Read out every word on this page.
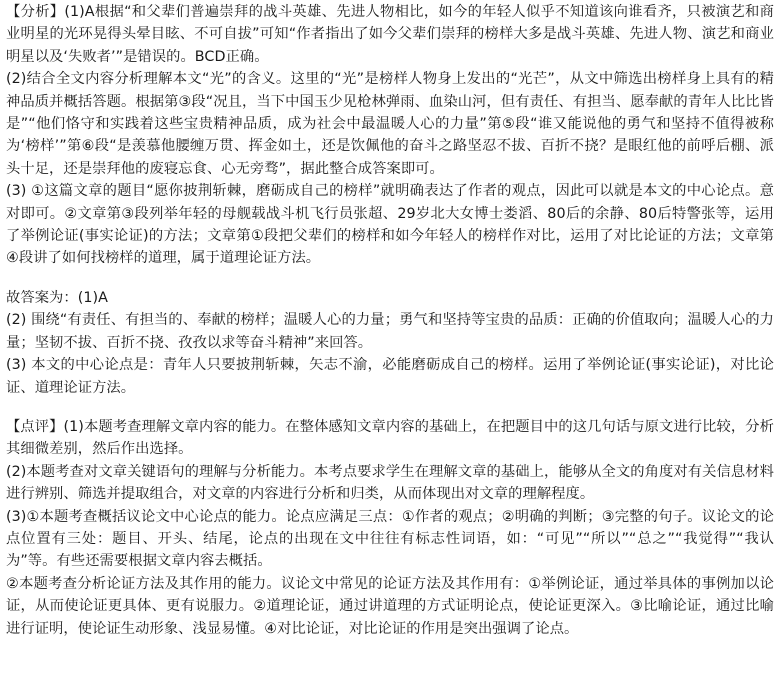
【分析】(1)A根据“和父辈们普遍崇拜的战斗英雄、先进人物相比，如今的年轻人似乎不知道该向谁看齐，只被演艺和商业明星的光环晃得头晕目眩、不可自拔”可知“作者指出了如今父辈们崇拜的榜样大多是战斗英雄、先进人物、演艺和商业明星以及‘失败者’”是错误的。BCD正确。

(2)结合全文内容分析理解本文“光”的含义。这里的“光”是榜样人物身上发出的“光芒”，从文中筛选出榜样身上具有的精神品质并概括答题。根据第③段“况且，当下中国玉少见枪林弹雨、血染山河，但有责任、有担当、愿奉献的青年人比比皆是”“他们恪守和实践着这些宝贵精神品质，成为社会中最温暖人心的力量”第⑤段“谁又能说他的勇气和坚持不值得被称为‘榜样’”第⑥段“是羡慕他腰缠万贯、挥金如土，还是饮佩他的奋斗之路坚忍不拔、百折不挠？是眼红他的前呼后棚、派头十足，还是崇拜他的废寝忘食、心无旁骛”，据此整合成答案即可。

(3) ①这篇文章的题目“愿你披荆斩棘，磨砺成自己的榜样”就明确表达了作者的观点，因此可以就是本文的中心论点。意对即可。②文章第③段列举年轻的母舰载战斗机飞行员张超、29岁北大女博士娄滔、80后的余静、80后特警张等，运用了举例论证(事实论证)的方法；文章第①段把父辈们的榜样和如今年轻人的榜样作对比，运用了对比论证的方法；文章第④段讲了如何找榜样的道理，属于道理论证方法。

故答案为：(1)A

(2) 围绕“有责任、有担当的、奉献的榜样；温暖人心的力量；勇气和坚持等宝贵的品质：正确的价值取向；温暖人心的力量；坚韧不拔、百折不挠、孜孜以求等奋斗精神”来回答。

(3) 本文的中心论点是：青年人只要披荆斩棘，矢志不渝，必能磨砺成自己的榜样。运用了举例论证(事实论证)，对比论证、道理论证方法。

【点评】(1)本题考查理解文章内容的能力。在整体感知文章内容的基础上，在把题目中的这几句话与原文进行比较，分析其细微差别，然后作出选择。

(2)本题考查对文章关键语句的理解与分析能力。本考点要求学生在理解文章的基础上，能够从全文的角度对有关信息材料进行辨别、筛选并提取组合，对文章的内容进行分析和归类，从而体现出对文章的理解程度。

(3)①本题考查概括议论文中心论点的能力。论点应满足三点：①作者的观点；②明确的判断；③完整的句子。议论文的论点位置有三处：题目、开头、结尾，论点的出现在文中往往有标志性词语，如：“可见”“所以”“总之”“我觉得”“我认为”等。有些还需要根据文章内容去概括。

②本题考查分析论证方法及其作用的能力。议论文中常见的论证方法及其作用有：①举例论证，通过举具体的事例加以论证，从而使论证更具体、更有说服力。②道理论证，通过讲道理的方式证明论点，使论证更深入。③比喻论证，通过比喻进行证明，使论证生动形象、浅显易懂。④对比论证，对比论证的作用是突出强调了论点。
